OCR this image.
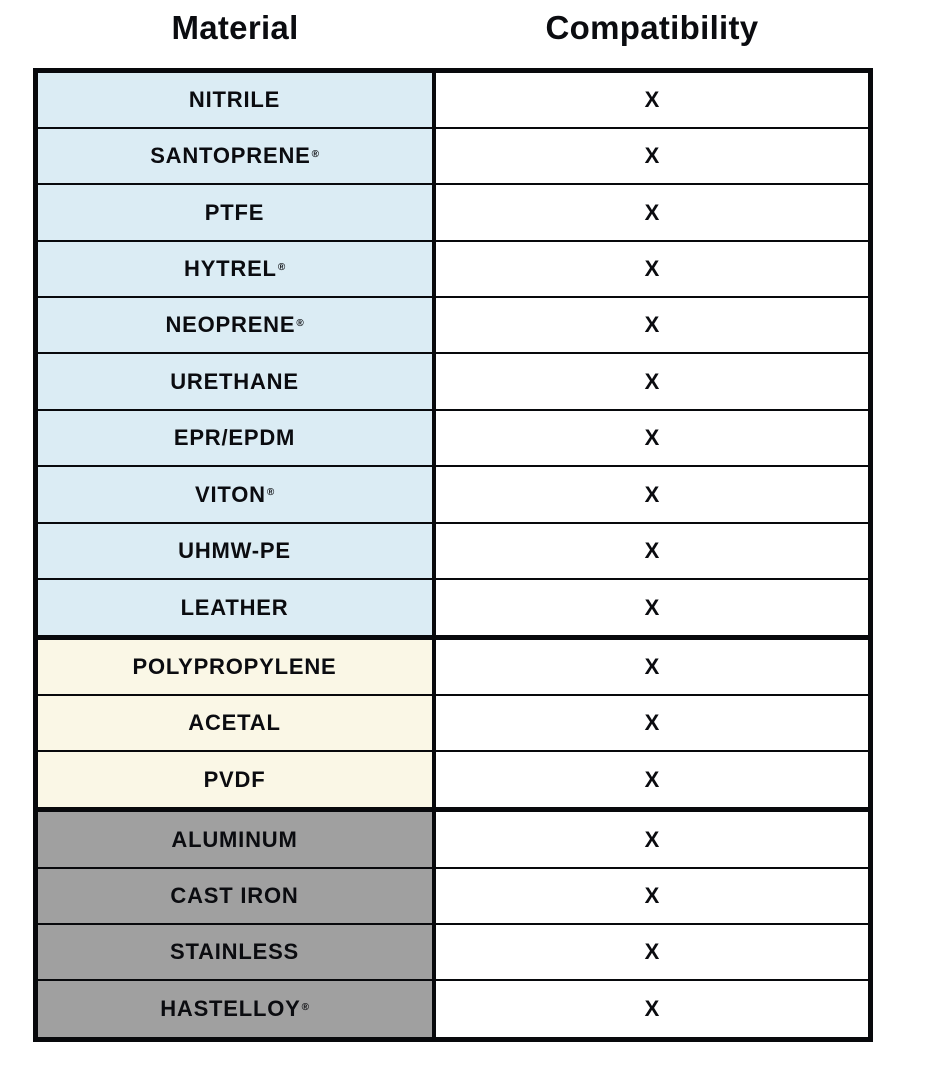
Material	Compatibility
NITRILE	X
SANTOPRENE®	X
PTFE	X
HYTREL®	X
NEOPRENE®	X
URETHANE	X
EPR/EPDM	X
VITON®	X
UHMW-PE	X
LEATHER	X
POLYPROPYLENE	X
ACETAL	X
PVDF	X
ALUMINUM	X
CAST IRON	X
STAINLESS	X
HASTELLOY®	X
